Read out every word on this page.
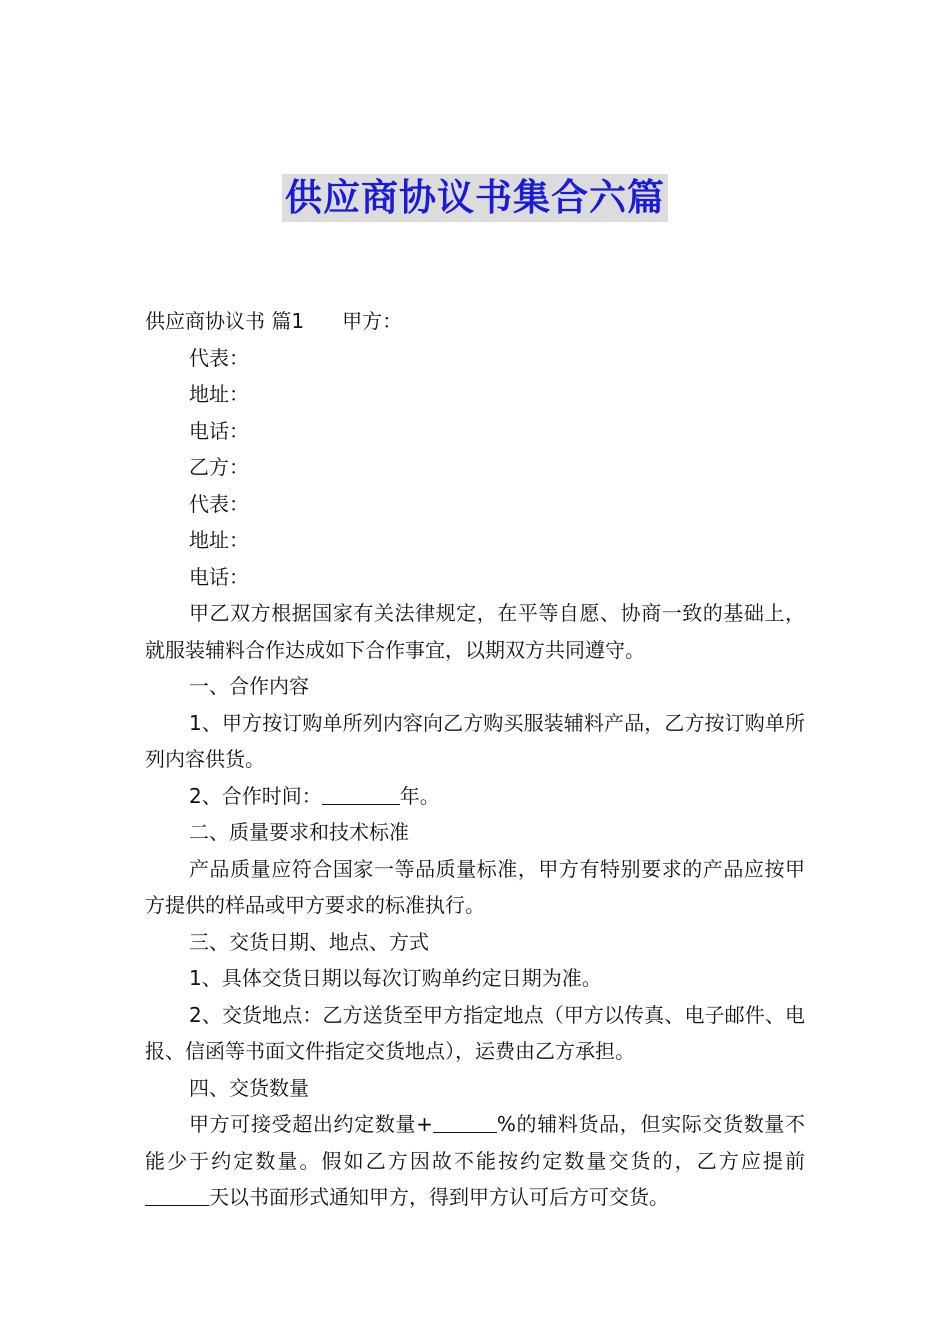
供应商协议书集合六篇

供应商协议书 篇1 甲方：

代表：

地址：

电话：

乙方：

代表：

地址：

电话：

甲乙双方根据国家有关法律规定，在平等自愿、协商一致的基础上，就服装辅料合作达成如下合作事宜，以期双方共同遵守。

一、合作内容

1、甲方按订购单所列内容向乙方购买服装辅料产品，乙方按订购单所列内容供货。

2、合作时间：	年。

二、质量要求和技术标准

产品质量应符合国家一等品质量标准，甲方有特别要求的产品应按甲方提供的样品或甲方要求的标准执行。

三、交货日期、地点、方式

1、具体交货日期以每次订购单约定日期为准。

2、交货地点：乙方送货至甲方指定地点（甲方以传真、电子邮件、电报、信函等书面文件指定交货地点），运费由乙方承担。

四、交货数量

甲方可接受超出约定数量+	%的辅料货品，但实际交货数量不能少于约定数量。假如乙方因故不能按约定数量交货的，乙方应提前天以书面形式通知甲方，得到甲方认可后方可交货。
